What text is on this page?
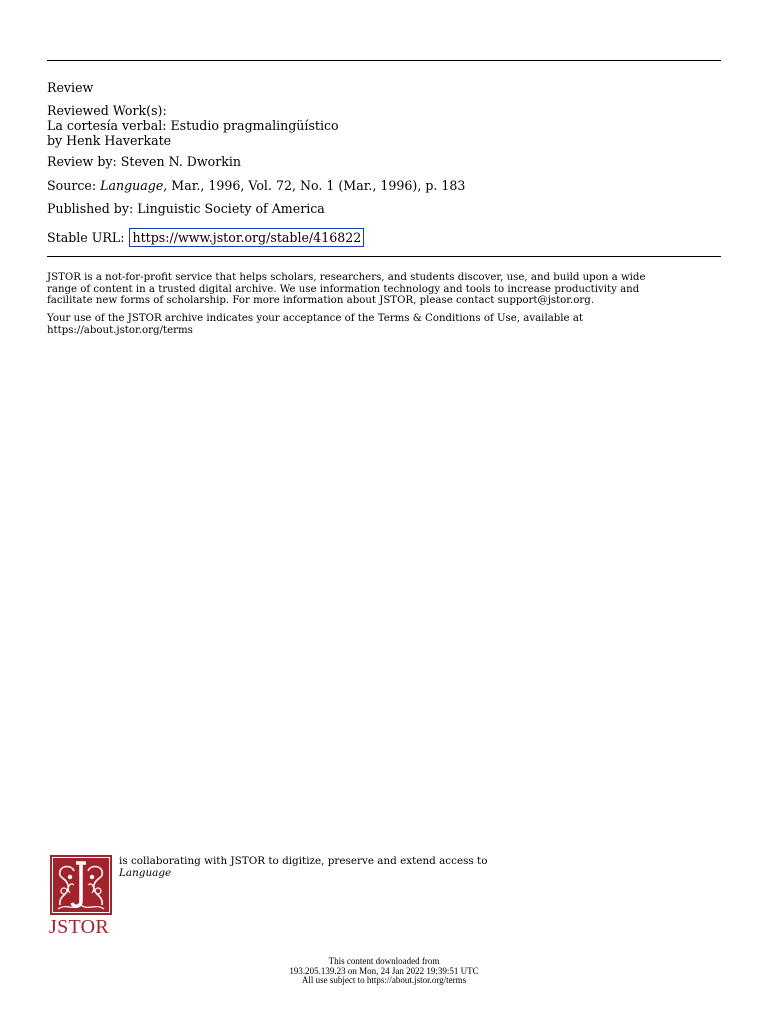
Review
Reviewed Work(s):
La cortesía verbal: Estudio pragmalingüístico
by Henk Haverkate
Review by: Steven N. Dworkin
Source: Language, Mar., 1996, Vol. 72, No. 1 (Mar., 1996), p. 183
Published by: Linguistic Society of America
Stable URL: https://www.jstor.org/stable/416822
JSTOR is a not-for-profit service that helps scholars, researchers, and students discover, use, and build upon a wide
range of content in a trusted digital archive. We use information technology and tools to increase productivity and
facilitate new forms of scholarship. For more information about JSTOR, please contact support@jstor.org.
Your use of the JSTOR archive indicates your acceptance of the Terms & Conditions of Use, available at
https://about.jstor.org/terms
JSTOR
is collaborating with JSTOR to digitize, preserve and extend access to
Language
This content downloaded from
193.205.139.23 on Mon, 24 Jan 2022 19:39:51 UTC
All use subject to https://about.jstor.org/terms
